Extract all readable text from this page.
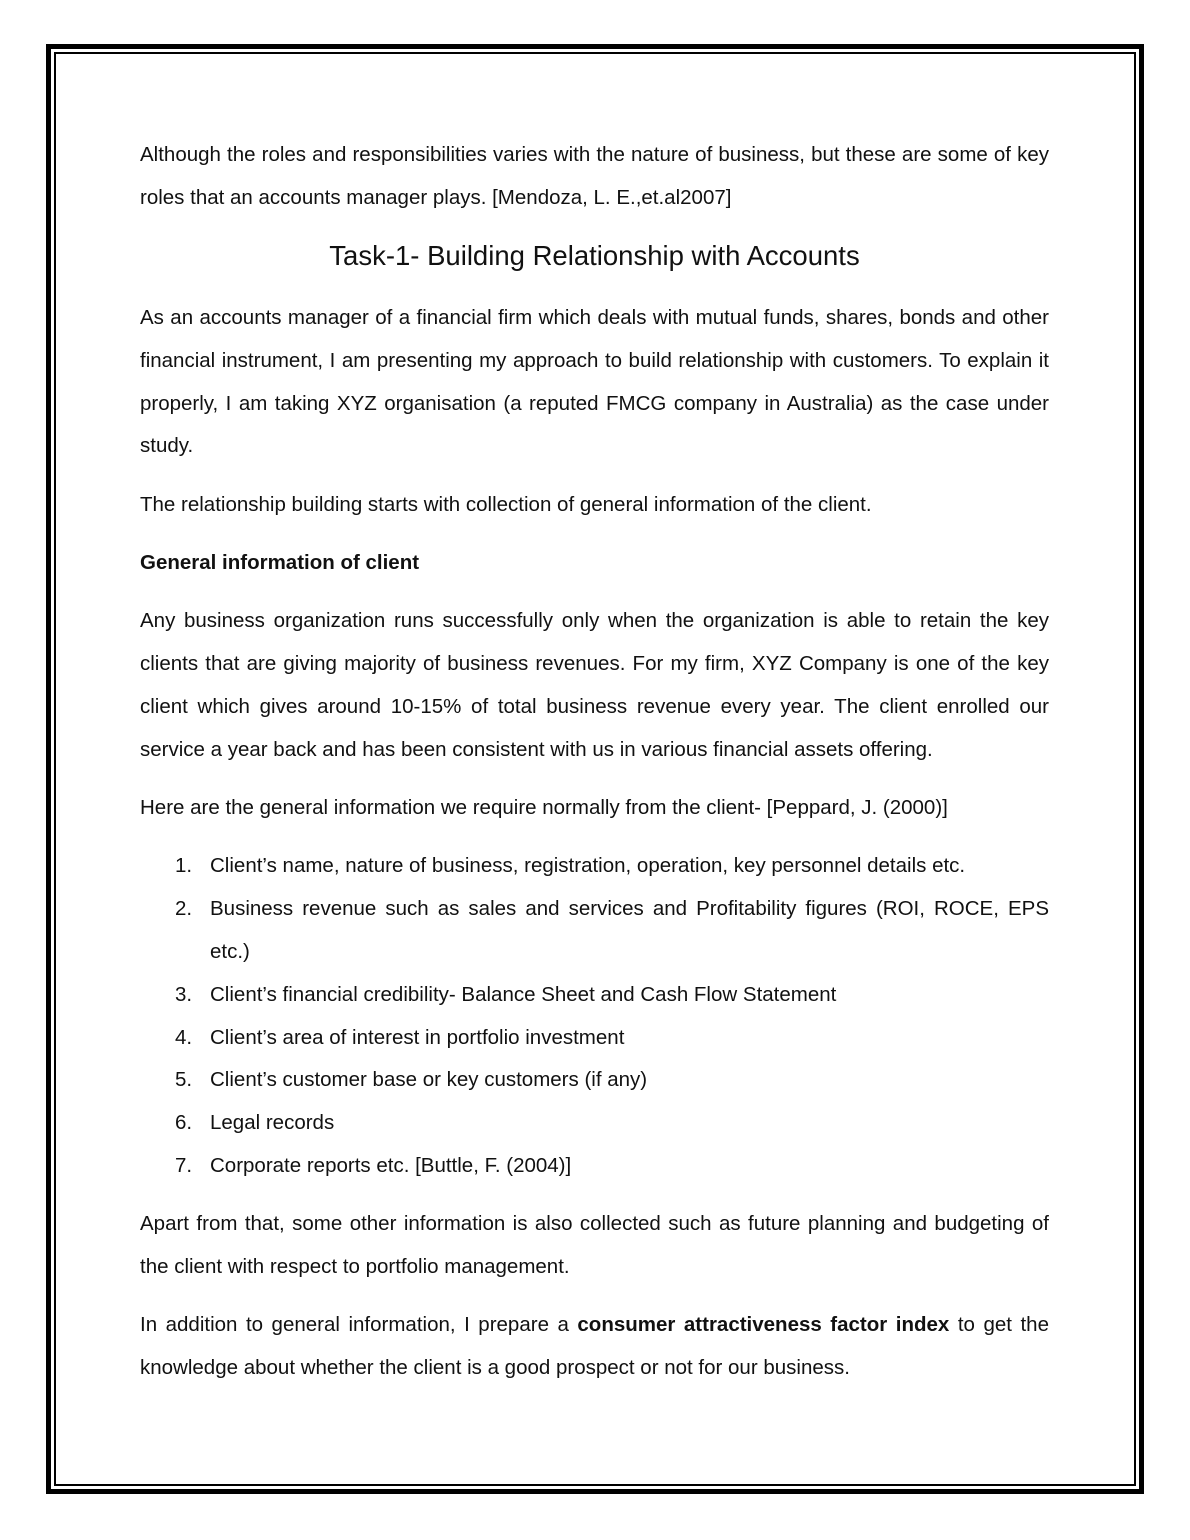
Although the roles and responsibilities varies with the nature of business, but these are some of key roles that an accounts manager plays. [Mendoza, L. E.,et.al2007]

Task-1- Building Relationship with Accounts

As an accounts manager of a financial firm which deals with mutual funds, shares, bonds and other financial instrument, I am presenting my approach to build relationship with customers. To explain it properly, I am taking XYZ organisation (a reputed FMCG company in Australia) as the case under study.

The relationship building starts with collection of general information of the client.

General information of client

Any business organization runs successfully only when the organization is able to retain the key clients that are giving majority of business revenues. For my firm, XYZ Company is one of the key client which gives around 10-15% of total business revenue every year. The client enrolled our service a year back and has been consistent with us in various financial assets offering.

Here are the general information we require normally from the client- [Peppard, J. (2000)]

1. Client’s name, nature of business, registration, operation, key personnel details etc.
2. Business revenue such as sales and services and Profitability figures (ROI, ROCE, EPS etc.)
3. Client’s financial credibility- Balance Sheet and Cash Flow Statement
4. Client’s area of interest in portfolio investment
5. Client’s customer base or key customers (if any)
6. Legal records
7. Corporate reports etc. [Buttle, F. (2004)]

Apart from that, some other information is also collected such as future planning and budgeting of the client with respect to portfolio management.

In addition to general information, I prepare a consumer attractiveness factor index to get the knowledge about whether the client is a good prospect or not for our business.
